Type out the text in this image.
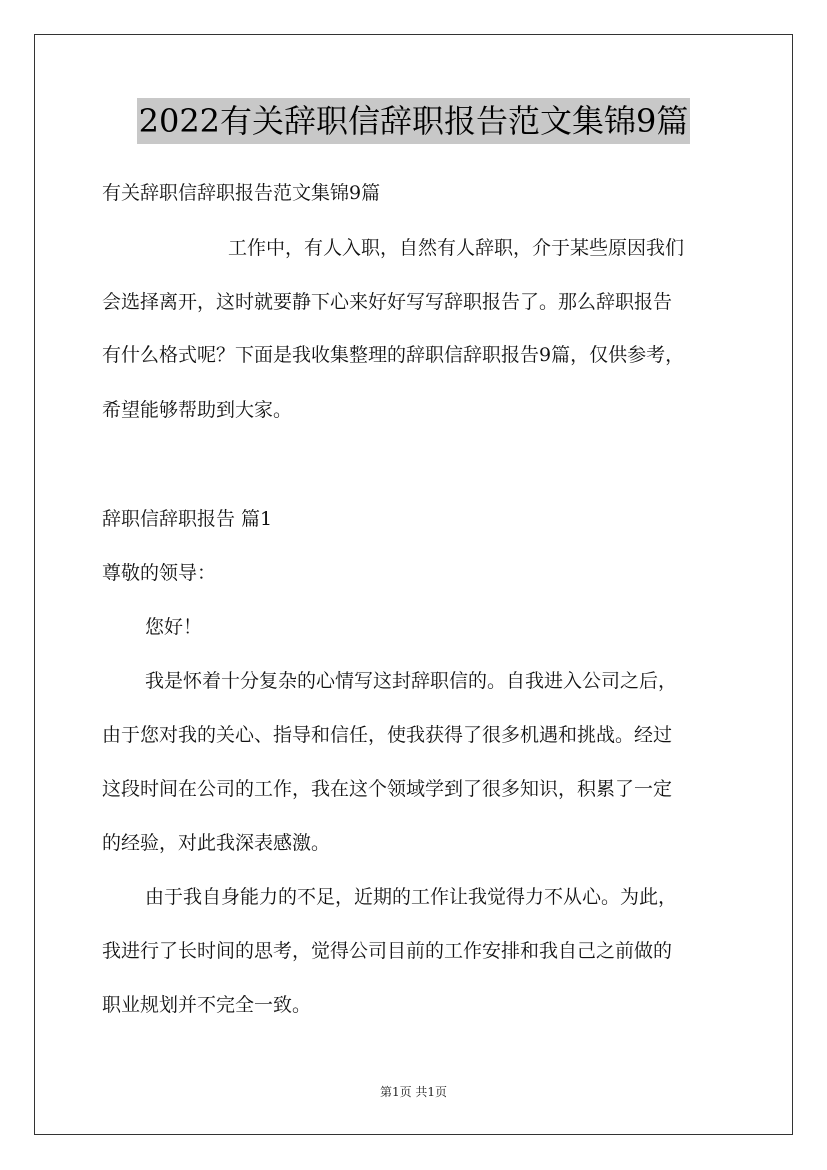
2022有关辞职信辞职报告范文集锦9篇
有关辞职信辞职报告范文集锦9篇
工作中，有人入职，自然有人辞职，介于某些原因我们
会选择离开，这时就要静下心来好好写写辞职报告了。那么辞职报告
有什么格式呢？下面是我收集整理的辞职信辞职报告9篇，仅供参考，
希望能够帮助到大家。
辞职信辞职报告 篇1
尊敬的领导：
您好！
我是怀着十分复杂的心情写这封辞职信的。自我进入公司之后，
由于您对我的关心、指导和信任，使我获得了很多机遇和挑战。经过
这段时间在公司的工作，我在这个领域学到了很多知识，积累了一定
的经验，对此我深表感激。
由于我自身能力的不足，近期的工作让我觉得力不从心。为此，
我进行了长时间的思考，觉得公司目前的工作安排和我自己之前做的
职业规划并不完全一致。
第1页 共1页
